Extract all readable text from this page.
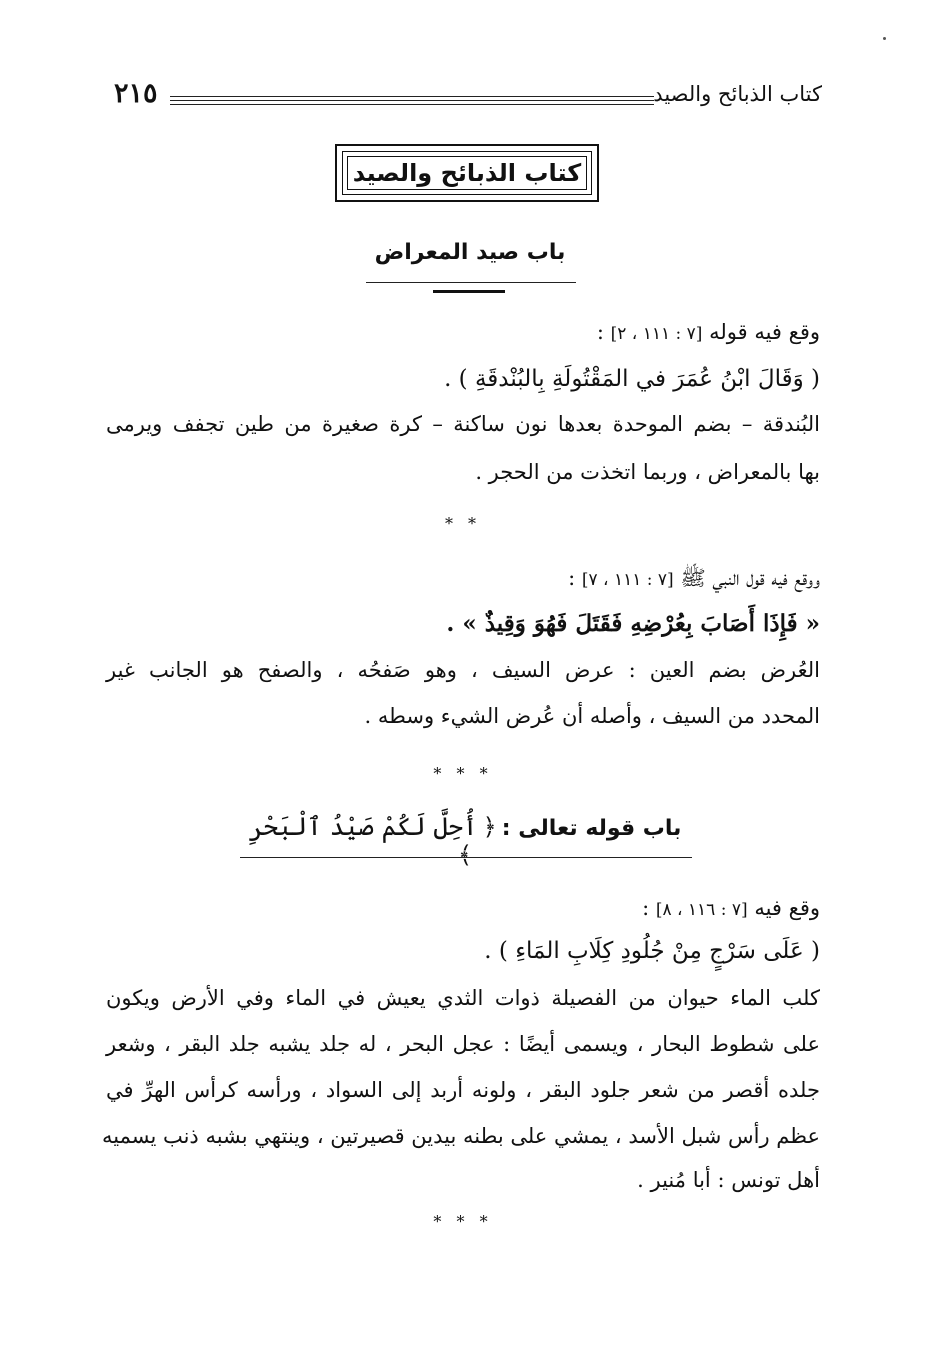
كتاب الذبائح والصيد
٢١٥
كتاب الذبائح والصيد
باب صيد المعراض
وقع فيه قوله [٧ : ١١١ ، ٢] :
( وَقَالَ ابْنُ عُمَرَ في المَقْتُولَةِ بِالبُنْدقَةِ ) .
البُندقة – بضم الموحدة بعدها نون ساكنة – كرة صغيرة من طين تجفف ويرمى
بها بالمعراض ، وربما اتخذت من الحجر .
* *
ووقع فيه قول النبي ﷺ [٧ : ١١١ ، ٧] :
« فَإِذَا أَصَابَ بِعُرْضِهِ فَقَتَلَ فَهُوَ وَقِيذٌ » .
العُرض بضم العين : عرض السيف ، وهو صَفحُه ، والصفح هو الجانب غير
المحدد من السيف ، وأصله أن عُرض الشيء وسطه .
* * *
باب قوله تعالى : ﴿ أُحِلَّ لَكُمْ صَيْدُ ٱلْبَحْرِ ﴾
وقع فيه [٧ : ١١٦ ، ٨] :
( عَلَى سَرْجٍ مِنْ جُلُودِ كِلَابِ المَاءِ ) .
كلب الماء حيوان من الفصيلة ذوات الثدي يعيش في الماء وفي الأرض ويكون
على شطوط البحار ، ويسمى أيضًا : عجل البحر ، له جلد يشبه جلد البقر ، وشعر
جلده أقصر من شعر جلود البقر ، ولونه أربد إلى السواد ، ورأسه كرأس الهرِّ في
عظم رأس شبل الأسد ، يمشي على بطنه بيدين قصيرتين ، وينتهي بشبه ذنب يسميه
أهل تونس : أبا مُنير .
* * *
